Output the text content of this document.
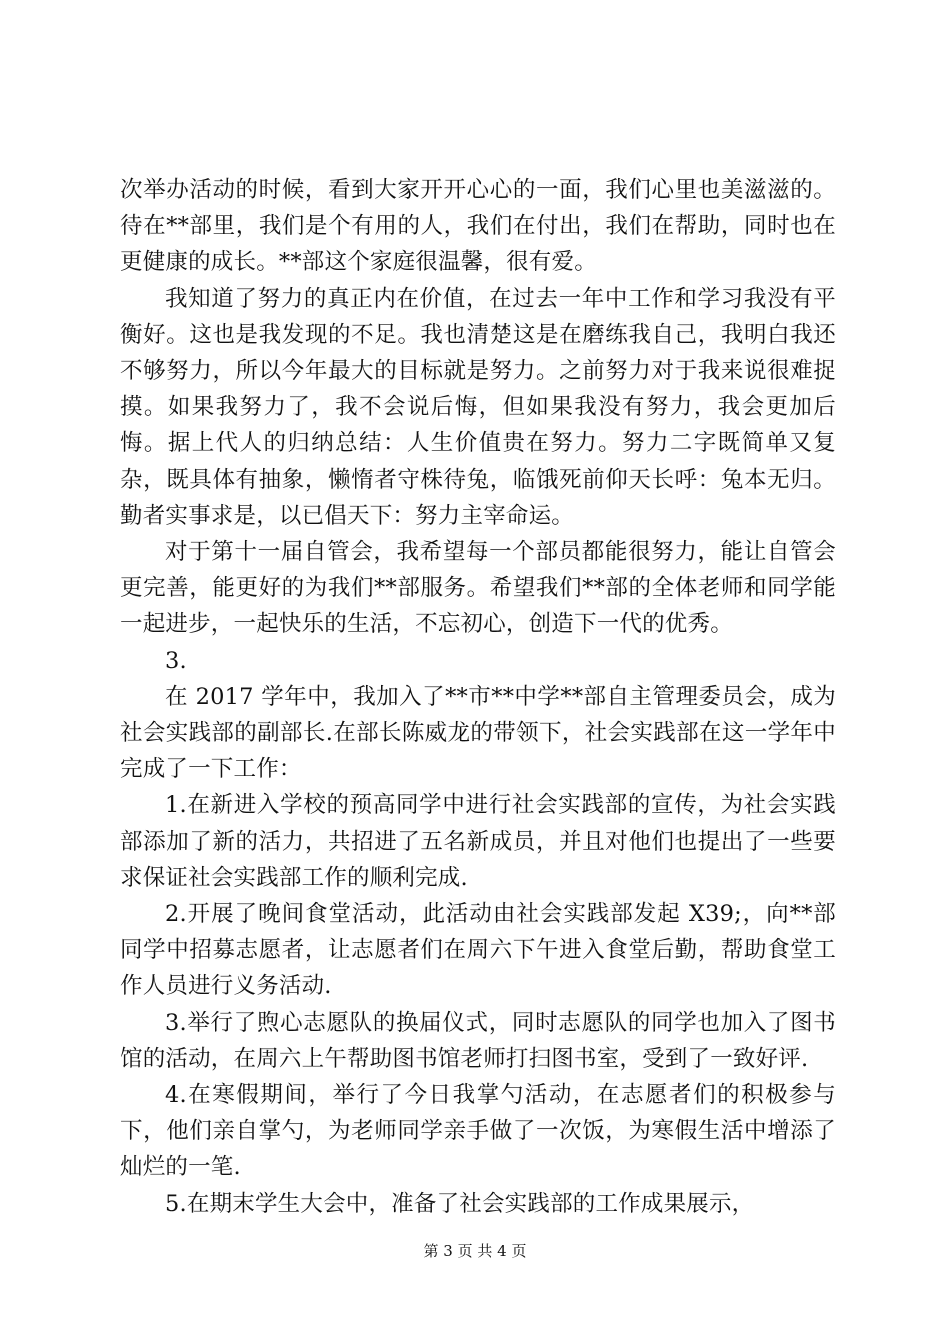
次举办活动的时候，看到大家开开心心的一面，我们心里也美滋滋的。待在**部里，我们是个有用的人，我们在付出，我们在帮助，同时也在更健康的成长。**部这个家庭很温馨，很有爱。

我知道了努力的真正内在价值，在过去一年中工作和学习我没有平衡好。这也是我发现的不足。我也清楚这是在磨练我自己，我明白我还不够努力，所以今年最大的目标就是努力。之前努力对于我来说很难捉摸。如果我努力了，我不会说后悔，但如果我没有努力，我会更加后悔。据上代人的归纳总结：人生价值贵在努力。努力二字既简单又复杂，既具体有抽象，懒惰者守株待兔，临饿死前仰天长呼：兔本无归。勤者实事求是，以已倡天下：努力主宰命运。

对于第十一届自管会，我希望每一个部员都能很努力，能让自管会更完善，能更好的为我们**部服务。希望我们**部的全体老师和同学能一起进步，一起快乐的生活，不忘初心，创造下一代的优秀。

3.

在 2017 学年中，我加入了**市**中学**部自主管理委员会，成为社会实践部的副部长.在部长陈威龙的带领下，社会实践部在这一学年中完成了一下工作：

1.在新进入学校的预高同学中进行社会实践部的宣传，为社会实践部添加了新的活力，共招进了五名新成员，并且对他们也提出了一些要求保证社会实践部工作的顺利完成.

2.开展了晚间食堂活动，此活动由社会实践部发起 X39;，向**部同学中招募志愿者，让志愿者们在周六下午进入食堂后勤，帮助食堂工作人员进行义务活动.

3.举行了煦心志愿队的换届仪式，同时志愿队的同学也加入了图书馆的活动，在周六上午帮助图书馆老师打扫图书室，受到了一致好评.

4.在寒假期间，举行了今日我掌勺活动，在志愿者们的积极参与下，他们亲自掌勺，为老师同学亲手做了一次饭，为寒假生活中增添了灿烂的一笔.

5.在期末学生大会中，准备了社会实践部的工作成果展示，

第 3 页 共 4 页
